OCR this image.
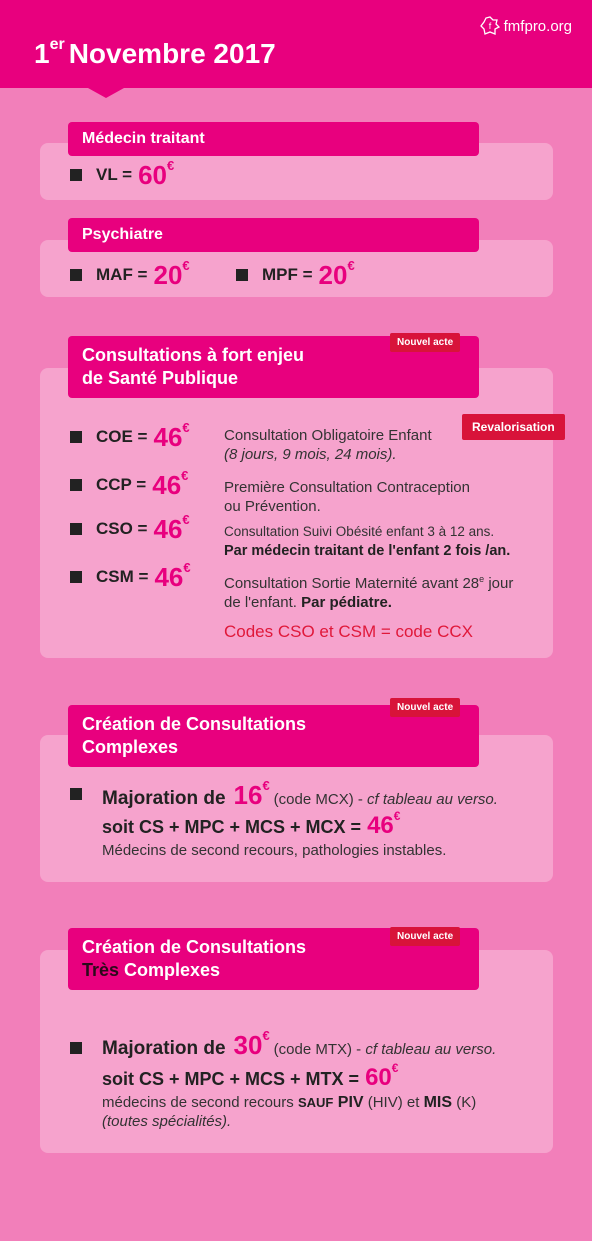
1er Novembre 2017
f fmfpro.org
Médecin traitant
VL = 60€
Psychiatre
MAF = 20€	MPF = 20€
Consultations à fort enjeu
de Santé Publique
Nouvel acte
Revalorisation
COE = 46€ Consultation Obligatoire Enfant
(8 jours, 9 mois, 24 mois).
CCP = 46€
Première Consultation Contraception
ou Prévention.
CSO = 46€
Consultation Suivi Obésité enfant 3 à 12 ans.
Par médecin traitant de l'enfant 2 fois /an.
CSM = 46€
Consultation Sortie Maternité avant 28e jour
de l'enfant. Par pédiatre.
Codes CSO et CSM = code CCX
Création de Consultations
Complexes
Nouvel acte
Majoration de 16€
(code MCX) - cf tableau au verso.
soit CS + MPC + MCS + MCX = 46€
Médecins de second recours, pathologies instables.
Création de Consultations
Très Complexes
Nouvel acte
Majoration de 30€
(code MTX) - cf tableau au verso.
soit CS + MPC + MCS + MTX = 60€
médecins de second recours SAUF PIV (HIV) et MIS (K)
(toutes spécialités).
